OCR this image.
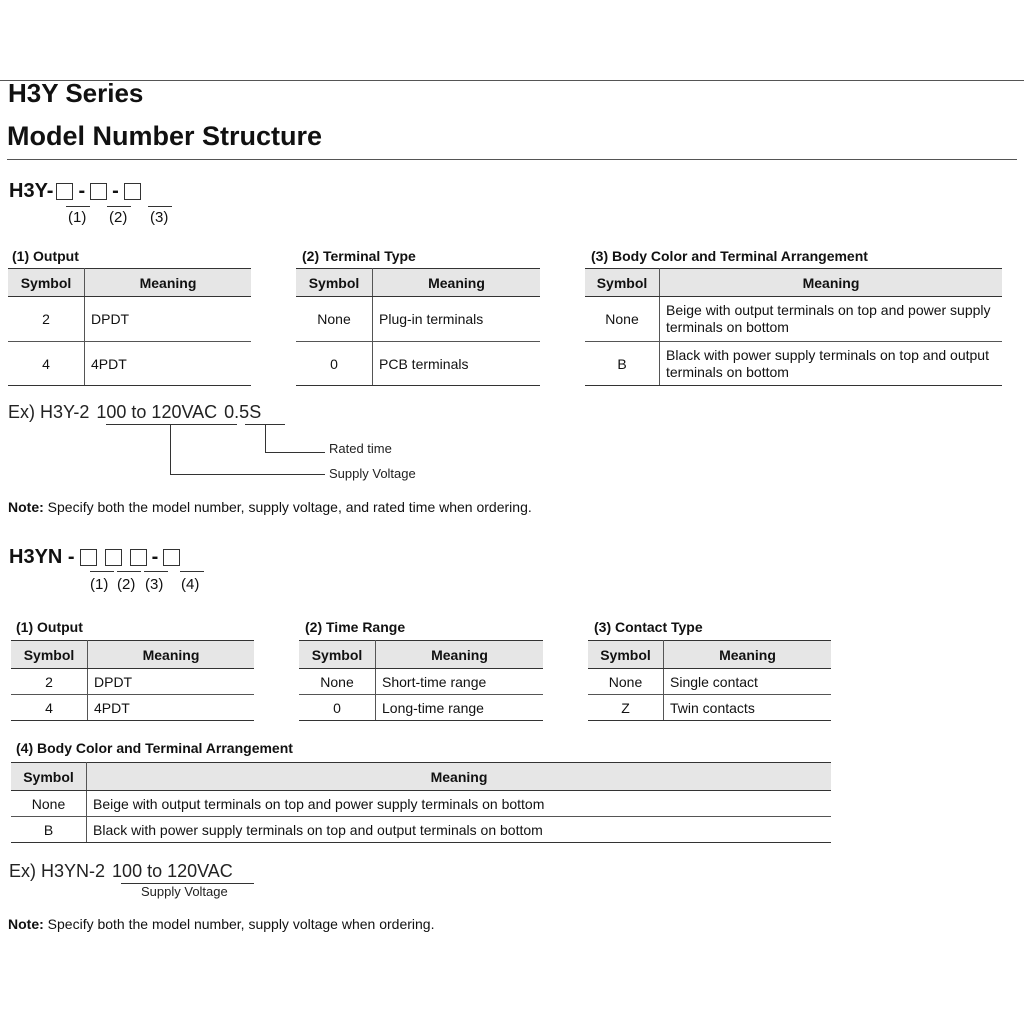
H3Y Series
Model Number Structure
H3Y- - -
(1) (2) (3)
(1) Output
Symbol	Meaning
2	DPDT
4	4PDT
(2) Terminal Type
Symbol	Meaning
None	Plug-in terminals
0	PCB terminals
(3) Body Color and Terminal Arrangement
Symbol	Meaning
None	Beige with output terminals on top and power supply terminals on bottom
B	Black with power supply terminals on top and output terminals on bottom
Ex) H3Y-2 100 to 120VAC 0.5S
Rated time
Supply Voltage
Note: Specify both the model number, supply voltage, and rated time when ordering.
H3YN -	-
(1) (2) (3) (4)
(1) Output
Symbol	Meaning
2	DPDT
4	4PDT
(2) Time Range
Symbol	Meaning
None	Short-time range
0	Long-time range
(3) Contact Type
Symbol	Meaning
None	Single contact
Z	Twin contacts
(4) Body Color and Terminal Arrangement
Symbol	Meaning
None	Beige with output terminals on top and power supply terminals on bottom
B	Black with power supply terminals on top and output terminals on bottom
Ex) H3YN-2 100 to 120VAC
Supply Voltage
Note: Specify both the model number, supply voltage when ordering.
